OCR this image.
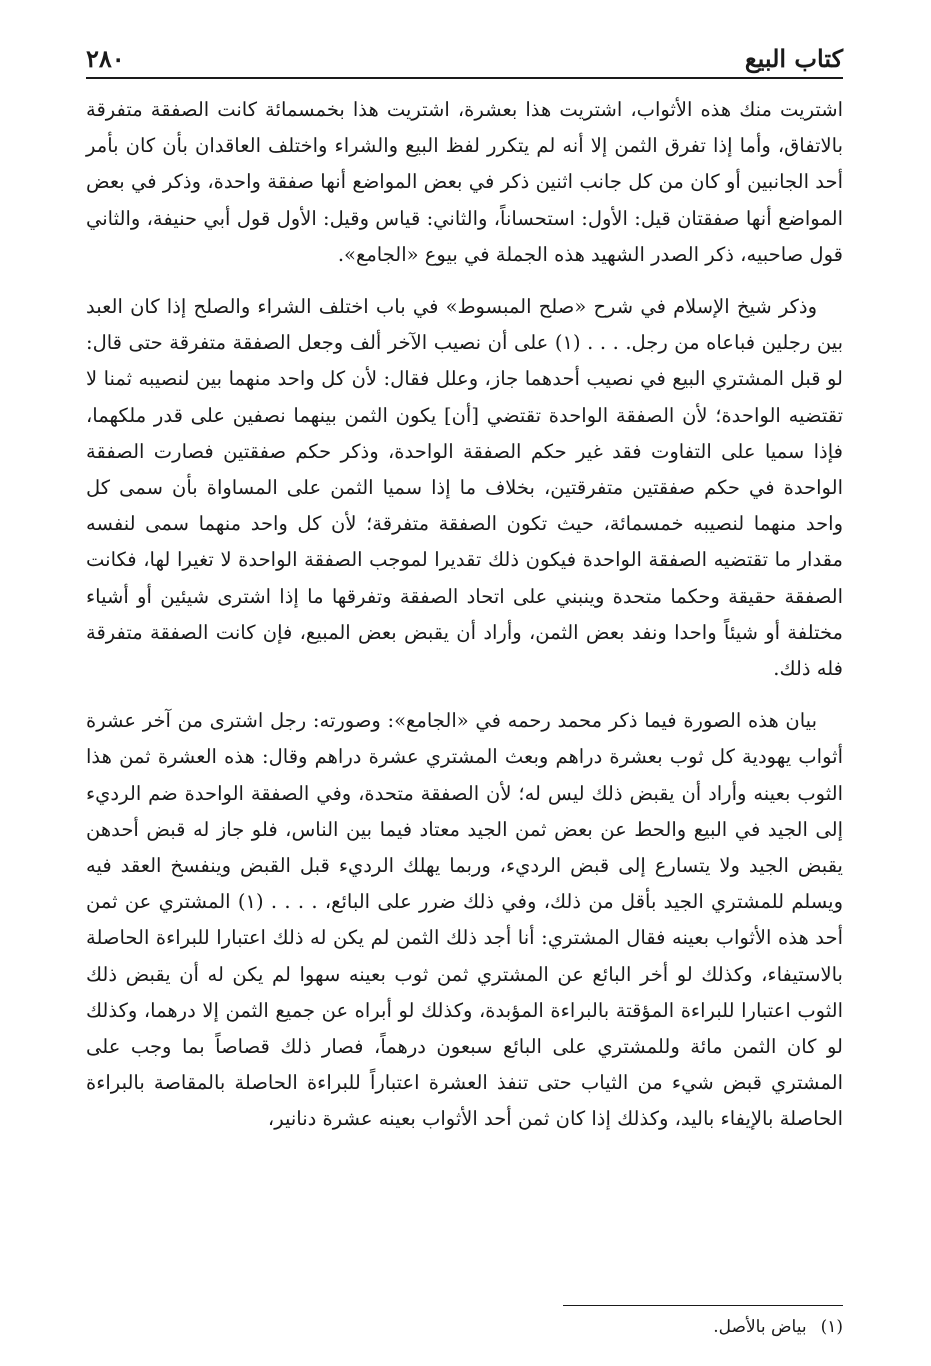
كتاب البيع
٢٨٠

اشتريت منك هذه الأثواب، اشتريت هذا بعشرة، اشتريت هذا بخمسمائة كانت الصفقة متفرقة بالاتفاق، وأما إذا تفرق الثمن إلا أنه لم يتكرر لفظ البيع والشراء واختلف العاقدان بأن كان بأمر أحد الجانبين أو كان من كل جانب اثنين ذكر في بعض المواضع أنها صفقة واحدة، وذكر في بعض المواضع أنها صفقتان قيل: الأول: استحساناً، والثاني: قياس وقيل: الأول قول أبي حنيفة، والثاني قول صاحبيه، ذكر الصدر الشهيد هذه الجملة في بيوع «الجامع».

وذكر شيخ الإسلام في شرح «صلح المبسوط» في باب اختلف الشراء والصلح إذا كان العبد بين رجلين فباعاه من رجل. . . . (١) على أن نصيب الآخر ألف وجعل الصفقة متفرقة حتى قال: لو قبل المشتري البيع في نصيب أحدهما جاز، وعلل فقال: لأن كل واحد منهما بين لنصيبه ثمنا لا تقتضيه الواحدة؛ لأن الصفقة الواحدة تقتضي [أن] يكون الثمن بينهما نصفين على قدر ملكهما، فإذا سميا على التفاوت فقد غير حكم الصفقة الواحدة، وذكر حكم صفقتين فصارت الصفقة الواحدة في حكم صفقتين متفرقتين، بخلاف ما إذا سميا الثمن على المساواة بأن سمى كل واحد منهما لنصيبه خمسمائة، حيث تكون الصفقة متفرقة؛ لأن كل واحد منهما سمى لنفسه مقدار ما تقتضيه الصفقة الواحدة فيكون ذلك تقديرا لموجب الصفقة الواحدة لا تغيرا لها، فكانت الصفقة حقيقة وحكما متحدة وينبني على اتحاد الصفقة وتفرقها ما إذا اشترى شيئين أو أشياء مختلفة أو شيئاً واحدا ونفد بعض الثمن، وأراد أن يقبض بعض المبيع، فإن كانت الصفقة متفرقة فله ذلك.

بيان هذه الصورة فيما ذكر محمد رحمه في «الجامع»: وصورته: رجل اشترى من آخر عشرة أثواب يهودية كل ثوب بعشرة دراهم وبعث المشتري عشرة دراهم وقال: هذه العشرة ثمن هذا الثوب بعينه وأراد أن يقبض ذلك ليس له؛ لأن الصفقة متحدة، وفي الصفقة الواحدة ضم الرديء إلى الجيد في البيع والحط عن بعض ثمن الجيد معتاد فيما بين الناس، فلو جاز له قبض أحدهن يقبض الجيد ولا يتسارع إلى قبض الرديء، وربما يهلك الرديء قبل القبض وينفسخ العقد فيه ويسلم للمشتري الجيد بأقل من ذلك، وفي ذلك ضرر على البائع، . . . . (١) المشتري عن ثمن أحد هذه الأثواب بعينه فقال المشتري: أنا أجد ذلك الثمن لم يكن له ذلك اعتبارا للبراءة الحاصلة بالاستيفاء، وكذلك لو أخر البائع عن المشتري ثمن ثوب بعينه سهوا لم يكن له أن يقبض ذلك الثوب اعتبارا للبراءة المؤقتة بالبراءة المؤبدة، وكذلك لو أبراه عن جميع الثمن إلا درهما، وكذلك لو كان الثمن مائة وللمشتري على البائع سبعون درهماً، فصار ذلك قصاصاً بما وجب على المشتري قبض شيء من الثياب حتى تنفذ العشرة اعتباراً للبراءة الحاصلة بالمقاصة بالبراءة الحاصلة بالإيفاء باليد، وكذلك إذا كان ثمن أحد الأثواب بعينه عشرة دنانير،

(١)بياض بالأصل.
